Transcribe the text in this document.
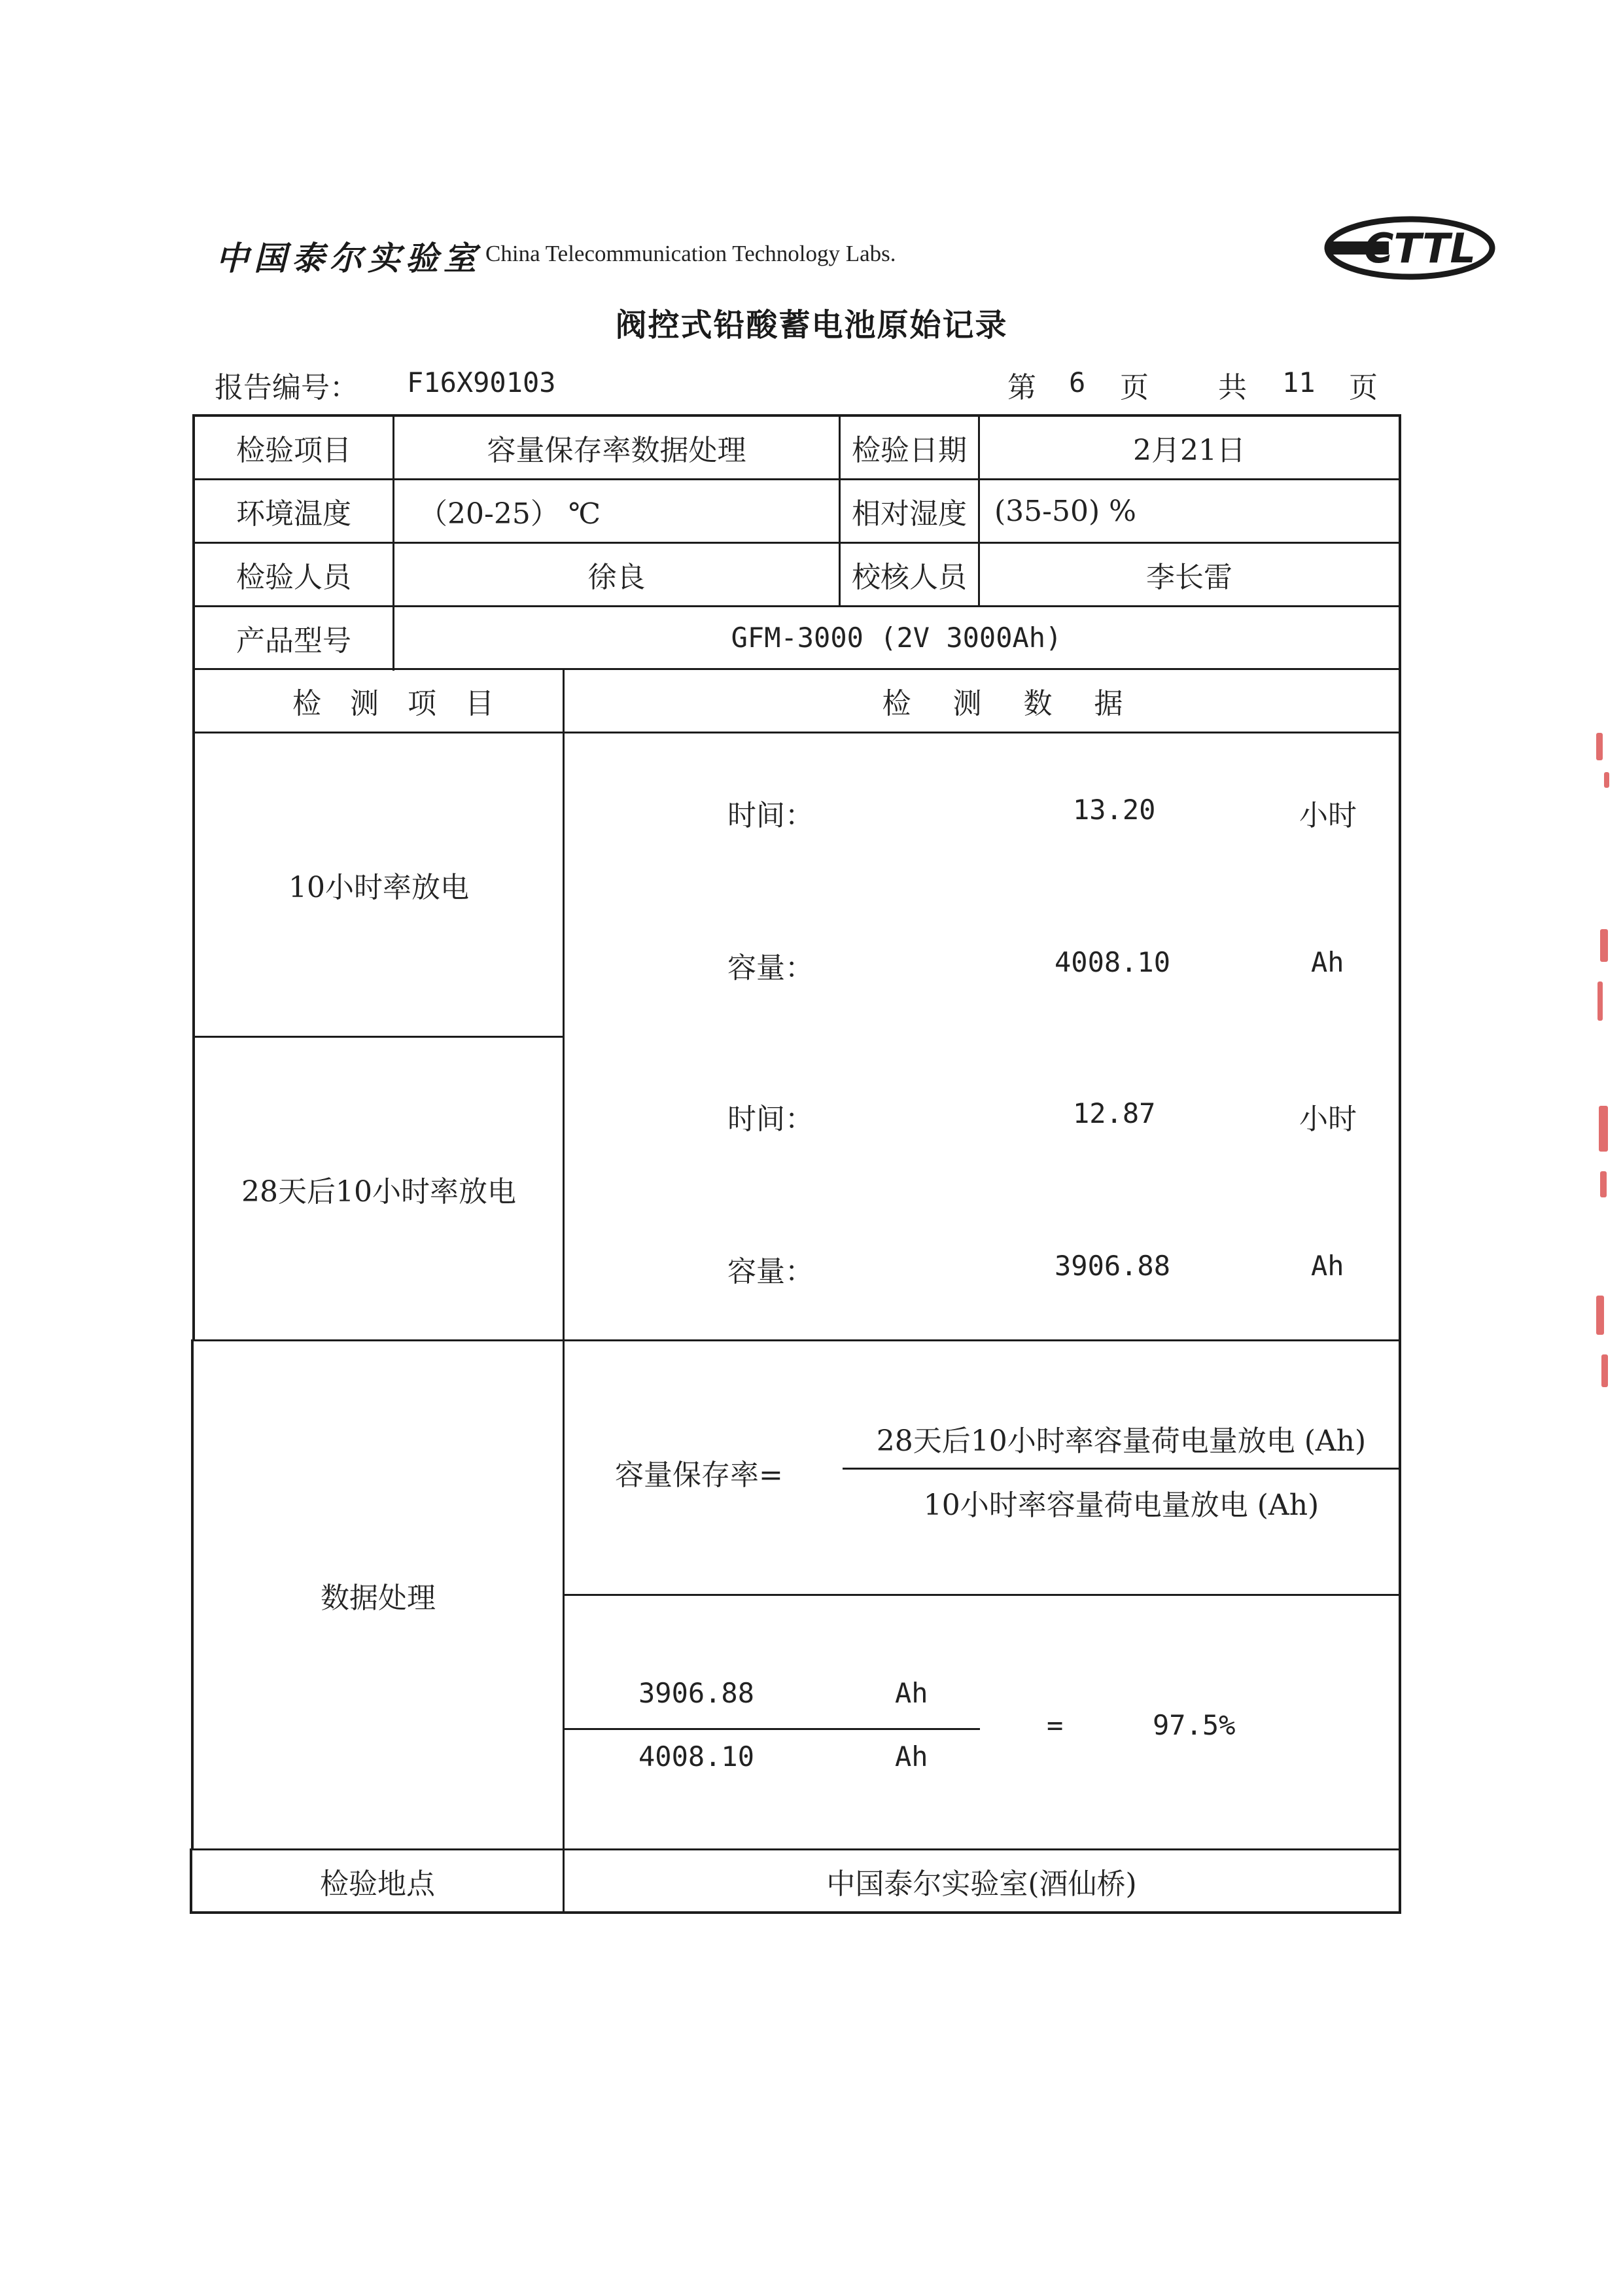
中国泰尔实验室 China Telecommunication Technology Labs.	CTTL
阀控式铅酸蓄电池原始记录
报告编号： F16X90103	第 6 页 共 11 页
检验项目	容量保存率数据处理	检验日期	2月21日
环境温度	（20-25） ℃	相对湿度 (35-50) %
检验人员	徐良	校核人员	李长雷
产品型号	GFM-3000 (2V 3000Ah)
检测项目	检测数据
10小时率放电
时间：	13.20	小时
容量：	4008.10	Ah
28天后10小时率放电
时间：	12.87	小时
容量：	3906.88	Ah
数据处理
容量保存率=
28天后10小时率容量荷电量放电 (Ah)
10小时率容量荷电量放电 (Ah)
3906.88	Ah
4008.10	Ah
=	97.5%
检验地点	中国泰尔实验室(酒仙桥)
